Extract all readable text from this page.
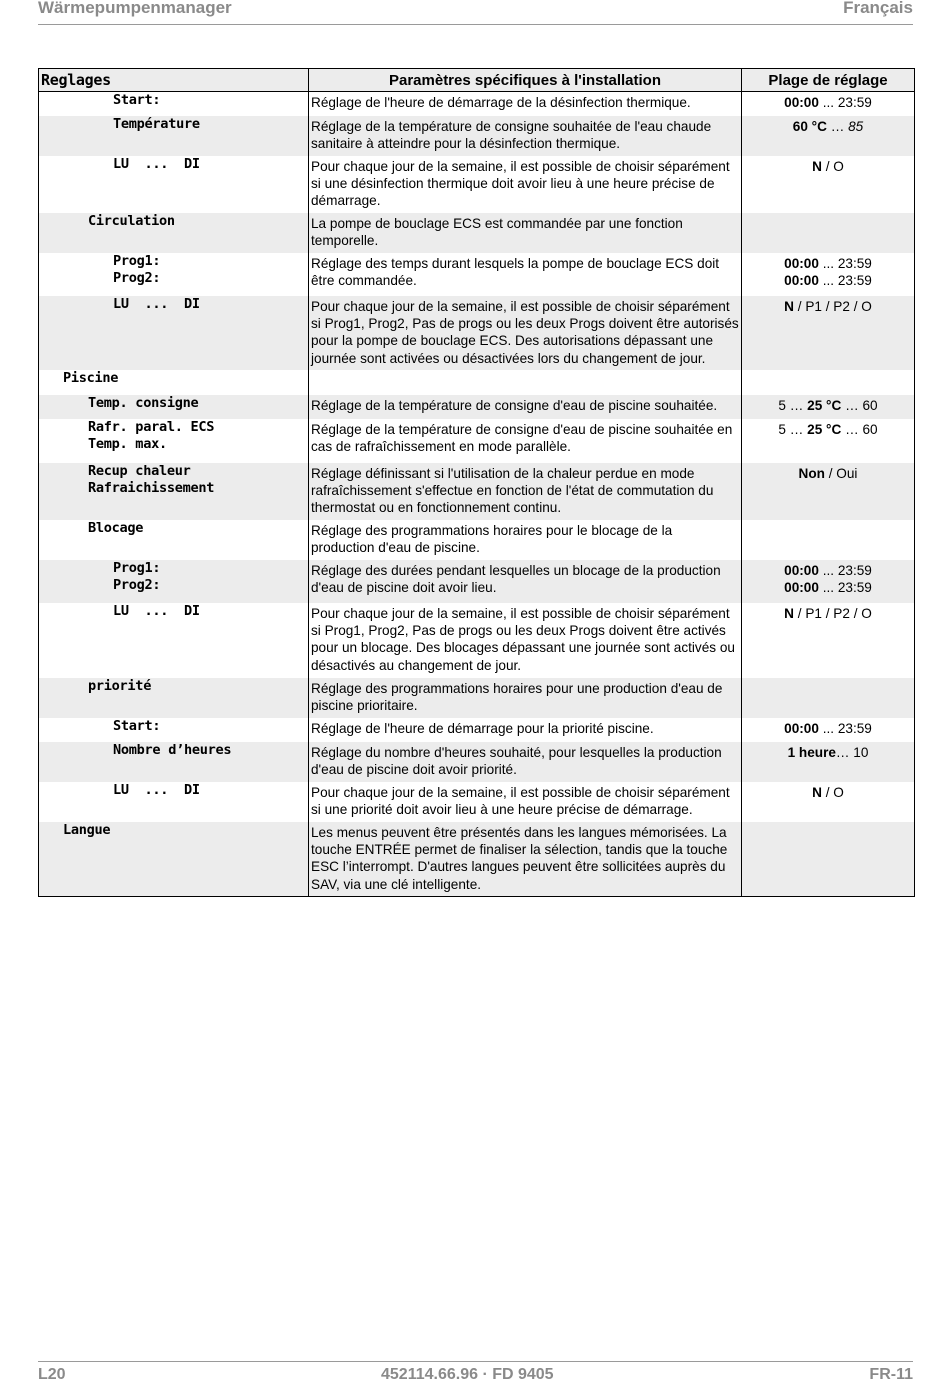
Wärmepumpenmanager	Français
Reglages	Paramètres spécifiques à l'installation	Plage de réglage
Start:	Réglage de l'heure de démarrage de la désinfection thermique.	00:00 ... 23:59

Température	Réglage de la température de consigne souhaitée de l'eau chaude sanitaire à atteindre pour la désinfection thermique.	60 °C … 85

LU  ...  DI	Pour chaque jour de la semaine, il est possible de choisir séparément si une désinfection thermique doit avoir lieu à une heure précise de démarrage.	N / O

Circulation	La pompe de bouclage ECS est commandée par une fonction temporelle.	
Prog1:
Prog2:	Réglage des temps durant lesquels la pompe de bouclage ECS doit être commandée.	00:00 ... 23:59
00:00 ... 23:59

LU  ...  DI	Pour chaque jour de la semaine, il est possible de choisir séparément si Prog1, Prog2, Pas de progs ou les deux Progs doivent être autorisés pour la pompe de bouclage ECS. Des autorisations dépassant une journée sont activées ou désactivées lors du changement de jour.	N / P1 / P2 / O

Piscine		
Temp. consigne	Réglage de la température de consigne d'eau de piscine souhaitée.	5 … 25 °C … 60

Rafr. paral. ECS
Temp. max.	Réglage de la température de consigne d'eau de piscine souhaitée en cas de rafraîchissement en mode parallèle.	5 … 25 °C … 60

Recup chaleur
Rafraichissement	Réglage définissant si l'utilisation de la chaleur perdue en mode rafraîchissement s'effectue en fonction de l'état de commutation du thermostat ou en fonctionnement continu.	Non / Oui

Blocage	Réglage des programmations horaires pour le blocage de la production d'eau de piscine.	
Prog1:
Prog2:	Réglage des durées pendant lesquelles un blocage de la production d'eau de piscine doit avoir lieu.	00:00 ... 23:59
00:00 ... 23:59

LU  ...  DI	Pour chaque jour de la semaine, il est possible de choisir séparément si Prog1, Prog2, Pas de progs ou les deux Progs doivent être activés pour un blocage. Des blocages dépassant une journée sont activés ou désactivés au changement de jour.	N / P1 / P2 / O

priorité	Réglage des programmations horaires pour une production d'eau de piscine prioritaire.	
Start:	Réglage de l'heure de démarrage pour la priorité piscine.	00:00 ... 23:59

Nombre d’heures	Réglage du nombre d'heures souhaité, pour lesquelles la production d'eau de piscine doit avoir priorité.	1 heure… 10

LU  ...  DI	Pour chaque jour de la semaine, il est possible de choisir séparément si une priorité doit avoir lieu à une heure précise de démarrage.	N / O

Langue	Les menus peuvent être présentés dans les langues mémorisées. La touche ENTRÉE permet de finaliser la sélection, tandis que la touche ESC l’interrompt. D'autres langues peuvent être sollicitées auprès du SAV, via une clé intelligente.	
L20	452114.66.96 · FD 9405	FR-11
